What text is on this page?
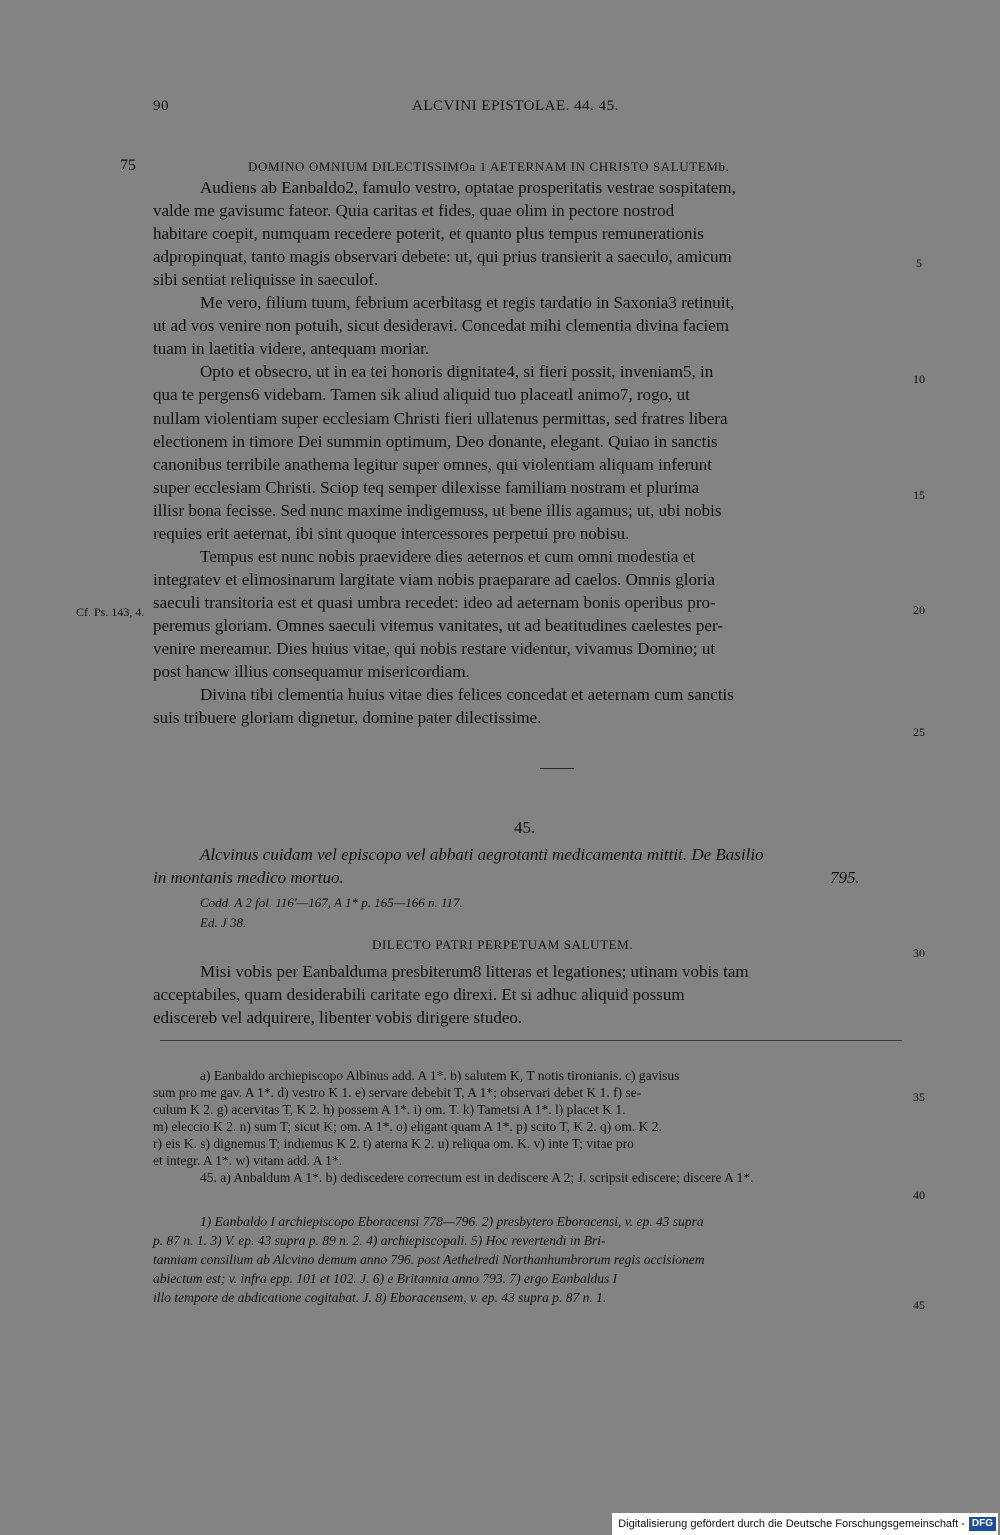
90	ALCVINI EPISTOLAE. 44. 45.
75	DOMINO OMNIUM DILECTISSIMOa 1 AETERNAM IN CHRISTO SALUTEMb.
Audiens ab Eanbaldo2, famulo vestro, optatae prosperitatis vestrae sospitatem,
valde me gavisumc fateor. Quia caritas et fides, quae olim in pectore nostrod
habitare coepit, numquam recedere poterit, et quanto plus tempus remunerationis
adpropinquat, tanto magis observari debete: ut, qui prius transierit a saeculo, amicum
sibi sentiat reliquisse in saeculof.
Me vero, filium tuum, febrium acerbitasg et regis tardatio in Saxonia3 retinuit,
ut ad vos venire non potuih, sicut desideravi. Concedat mihi clementia divina faciem
tuam in laetitia videre, antequam moriar.
Opto et obsecro, ut in ea tei honoris dignitate4, si fieri possit, inveniam5, in
qua te pergens6 videbam. Tamen sik aliud aliquid tuo placeatl animo7, rogo, ut
nullam violentiam super ecclesiam Christi fieri ullatenus permittas, sed fratres libera
electionem in timore Dei summin optimum, Deo donante, elegant. Quiao in sanctis
canonibus terribile anathema legitur super omnes, qui violentiam aliquam inferunt
super ecclesiam Christi. Sciop teq semper dilexisse familiam nostram et plurima
illisr bona fecisse. Sed nunc maxime indigemuss, ut bene illis agamus; ut, ubi nobis
requies erit aeternat, ibi sint quoque intercessores perpetui pro nobisu.
Tempus est nunc nobis praevidere dies aeternos et cum omni modestia et
integratev et elimosinarum largitate viam nobis praeparare ad caelos. Omnis gloria
saeculi transitoria est et quasi umbra recedet: ideo ad aeternam bonis operibus pro-
peremus gloriam. Omnes saeculi vitemus vanitates, ut ad beatitudines caelestes per-
venire mereamur. Dies huius vitae, qui nobis restare videntur, vivamus Domino; ut
post hancw illius consequamur misericordiam.
Divina tibi clementia huius vitae dies felices concedat et aeternam cum sanctis
suis tribuere gloriam dignetur, domine pater dilectissime.
Cf. Ps. 143, 4.
5
10
15
20
25
45.
Alcvinus cuidam vel episcopo vel abbati aegrotanti medicamenta mittit. De Basilio
in montanis medico mortuo.	795.
Codd. A 2 fol. 116'—167, A 1* p. 165—166 n. 117.
Ed. J 38.
DILECTO PATRI PERPETUAM SALUTEM.
30
Misi vobis per Eanbalduma presbiterum8 litteras et legationes; utinam vobis tam
acceptabiles, quam desiderabili caritate ego direxi. Et si adhuc aliquid possum
ediscereb vel adquirere, libenter vobis dirigere studeo.
a) Eanbaldo archiepiscopo Albinus add. A 1*. b) salutem K, T notis tironianis. c) gavisus
sum pro me gav. A 1*. d) vestro K 1. e) servare debebit T, A 1*; observari debet K 1. f) se-
culum K 2. g) acervitas T, K 2. h) possem A 1*. i) om. T. k) Tametsi A 1*. l) placet K 1.
m) eleccio K 2. n) sum T; sicut K; om. A 1*. o) eligant quam A 1*. p) scito T, K 2. q) om. K 2.
r) eis K. s) dignemus T; indiemus K 2. t) aterna K 2. u) reliqua om. K. v) inte T; vitae pro
et integr. A 1*. w) vitam add. A 1*.
45. a) Anbaldum A 1*. b) dediscedere correctum est in dediscere A 2; J. scripsit ediscere; discere A 1*.
35
40
1) Eanbaldo I archiepiscopo Eboracensi 778—796. 2) presbytero Eboracensi, v. ep. 43 supra
p. 87 n. 1. 3) V. ep. 43 supra p. 89 n. 2. 4) archiepiscopali. 5) Hoc revertendi in Bri-
tanniam consilium ab Alcvino demum anno 796. post Aethelredi Northanhumbrorum regis occisionem
abiectum est; v. infra epp. 101 et 102. J. 6) e Britannia anno 793. 7) ergo Eanbaldus I
illo tempore de abdicatione cogitabat. J. 8) Eboracensem, v. ep. 43 supra p. 87 n. 1.	45
Digitalisierung gefördert durch die Deutsche Forschungsgemeinschaft - DFG
